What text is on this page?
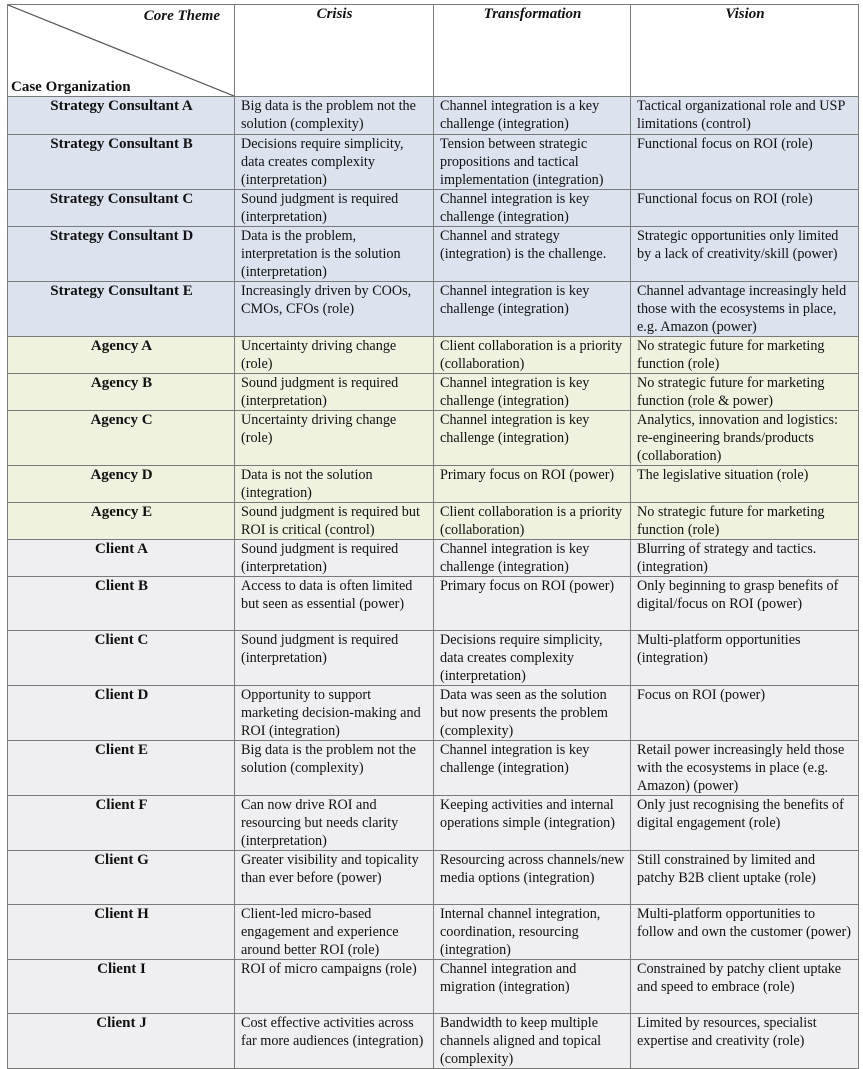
Core Theme
Case Organization	Crisis	Transformation	Vision
Strategy Consultant A	Big data is the problem not the solution (complexity)	Channel integration is a key challenge (integration)	Tactical organizational role and USP limitations (control)
Strategy Consultant B	Decisions require simplicity, data creates complexity (interpretation)	Tension between strategic propositions and tactical implementation (integration)	Functional focus on ROI (role)
Strategy Consultant C	Sound judgment is required (interpretation)	Channel integration is key challenge (integration)	Functional focus on ROI (role)
Strategy Consultant D	Data is the problem, interpretation is the solution (interpretation)	Channel and strategy (integration) is the challenge.	Strategic opportunities only limited by a lack of creativity/skill (power)
Strategy Consultant E	Increasingly driven by COOs, CMOs, CFOs (role)	Channel integration is key challenge (integration)	Channel advantage increasingly held those with the ecosystems in place, e.g. Amazon (power)
Agency A	Uncertainty driving change (role)	Client collaboration is a priority (collaboration)	No strategic future for marketing function (role)
Agency B	Sound judgment is required (interpretation)	Channel integration is key challenge (integration)	No strategic future for marketing function (role & power)
Agency C	Uncertainty driving change (role)	Channel integration is key challenge (integration)	Analytics, innovation and logistics: re-engineering brands/products (collaboration)
Agency D	Data is not the solution (integration)	Primary focus on ROI (power)	The legislative situation (role)
Agency E	Sound judgment is required but ROI is critical (control)	Client collaboration is a priority (collaboration)	No strategic future for marketing function (role)
Client A	Sound judgment is required (interpretation)	Channel integration is key challenge (integration)	Blurring of strategy and tactics. (integration)
Client B	Access to data is often limited but seen as essential (power)	Primary focus on ROI (power)	Only beginning to grasp benefits of digital/focus on ROI (power)
Client C	Sound judgment is required (interpretation)	Decisions require simplicity, data creates complexity (interpretation)	Multi-platform opportunities (integration)
Client D	Opportunity to support marketing decision-making and ROI (integration)	Data was seen as the solution but now presents the problem (complexity)	Focus on ROI (power)
Client E	Big data is the problem not the solution (complexity)	Channel integration is key challenge (integration)	Retail power increasingly held those with the ecosystems in place (e.g. Amazon) (power)
Client F	Can now drive ROI and resourcing but needs clarity (interpretation)	Keeping activities and internal operations simple (integration)	Only just recognising the benefits of digital engagement (role)
Client G	Greater visibility and topicality than ever before (power)	Resourcing across channels/new media options (integration)	Still constrained by limited and patchy B2B client uptake (role)
Client H	Client-led micro-based engagement and experience around better ROI (role)	Internal channel integration, coordination, resourcing (integration)	Multi-platform opportunities to follow and own the customer (power)
Client I	ROI of micro campaigns (role)	Channel integration and migration (integration)	Constrained by patchy client uptake and speed to embrace (role)
Client J	Cost effective activities across far more audiences (integration)	Bandwidth to keep multiple channels aligned and topical (complexity)	Limited by resources, specialist expertise and creativity (role)
